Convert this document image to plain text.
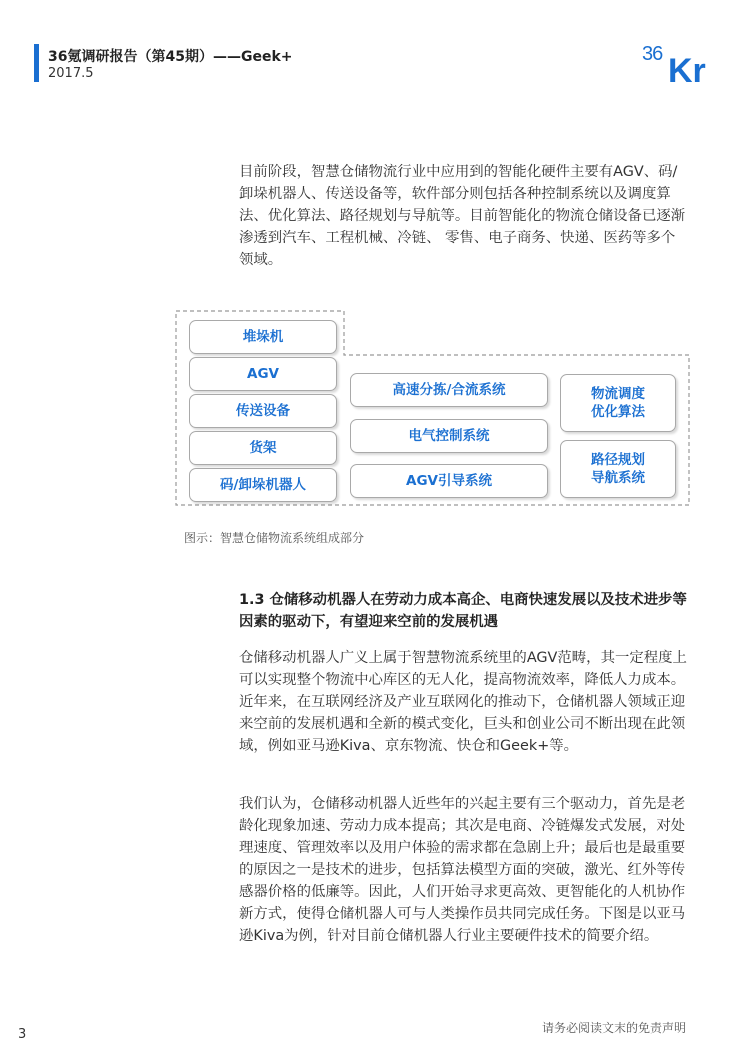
36氪调研报告（第45期）——Geek+
2017.5
36 Kr

目前阶段，智慧仓储物流行业中应用到的智能化硬件主要有AGV、码/卸垛机器人、传送设备等，软件部分则包括各种控制系统以及调度算法、优化算法、路径规划与导航等。目前智能化的物流仓储设备已逐渐渗透到汽车、工程机械、冷链、 零售、电子商务、快递、医药等多个领域。

堆垛机
AGV
传送设备
货架
码/卸垛机器人
高速分拣/合流系统
电气控制系统
AGV引导系统
物流调度
优化算法
路径规划
导航系统
图示：智慧仓储物流系统组成部分

1.3 仓储移动机器人在劳动力成本高企、电商快速发展以及技术进步等因素的驱动下，有望迎来空前的发展机遇

仓储移动机器人广义上属于智慧物流系统里的AGV范畴，其一定程度上可以实现整个物流中心库区的无人化，提高物流效率，降低人力成本。近年来，在互联网经济及产业互联网化的推动下，仓储机器人领域正迎来空前的发展机遇和全新的模式变化，巨头和创业公司不断出现在此领域，例如亚马逊Kiva、京东物流、快仓和Geek+等。

我们认为，仓储移动机器人近些年的兴起主要有三个驱动力，首先是老龄化现象加速、劳动力成本提高；其次是电商、冷链爆发式发展，对处理速度、管理效率以及用户体验的需求都在急剧上升；最后也是最重要的原因之一是技术的进步，包括算法模型方面的突破，激光、红外等传感器价格的低廉等。因此，人们开始寻求更高效、更智能化的人机协作新方式，使得仓储机器人可与人类操作员共同完成任务。下图是以亚马逊Kiva为例，针对目前仓储机器人行业主要硬件技术的简要介绍。

3	请务必阅读文末的免责声明
